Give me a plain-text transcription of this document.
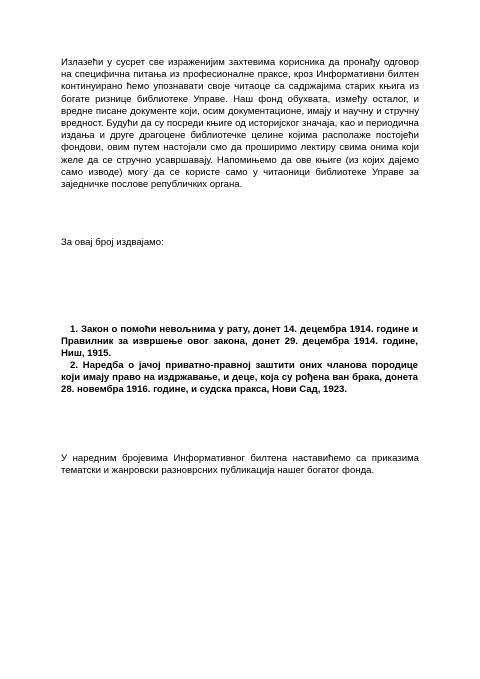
Излазећи у сусрет све израженијим захтевима корисника да пронађу одговор на специфична питања из професионалне праксе, кроз Информативни билтен континуирано ћемо упознавати своје читаоце са садржајима старих књига из богате ризнице библиотеке Управе. Наш фонд обухвата, између осталог, и вредне писане документе који, осим документационе, имају и научну и стручну вредност. Будући да су посреди књиге од историјског значаја, као и периодична издања и друге драгоцене библиотечке целине којима располаже постојећи фондови, овим путем настојали смо да проширимо лектиру свима онима који желе да се стручно усавршавају. Напомињемо да ове књиге (из којих дајемо само изводе) могу да се користе само у читаоници библиотеке Управе за заједничке послове републичких органа.

За овај број издвајамо:

1. Закон о помоћи невољнима у рату, донет 14. децембра 1914. године и Правилник за извршење овог закона, донет 29. децембра 1914. године, Ниш, 1915.
2. Наредба о јачој приватно-правној заштити оних чланова породице који имају право на издржавање, и деце, која су рођена ван брака, донета 28. новембра 1916. године, и судска пракса, Нови Сад, 1923.

У наредним бројевима Информативног билтена наставићемо са приказима тематски и жанровски разноврсних публикација нашег богатог фонда.
